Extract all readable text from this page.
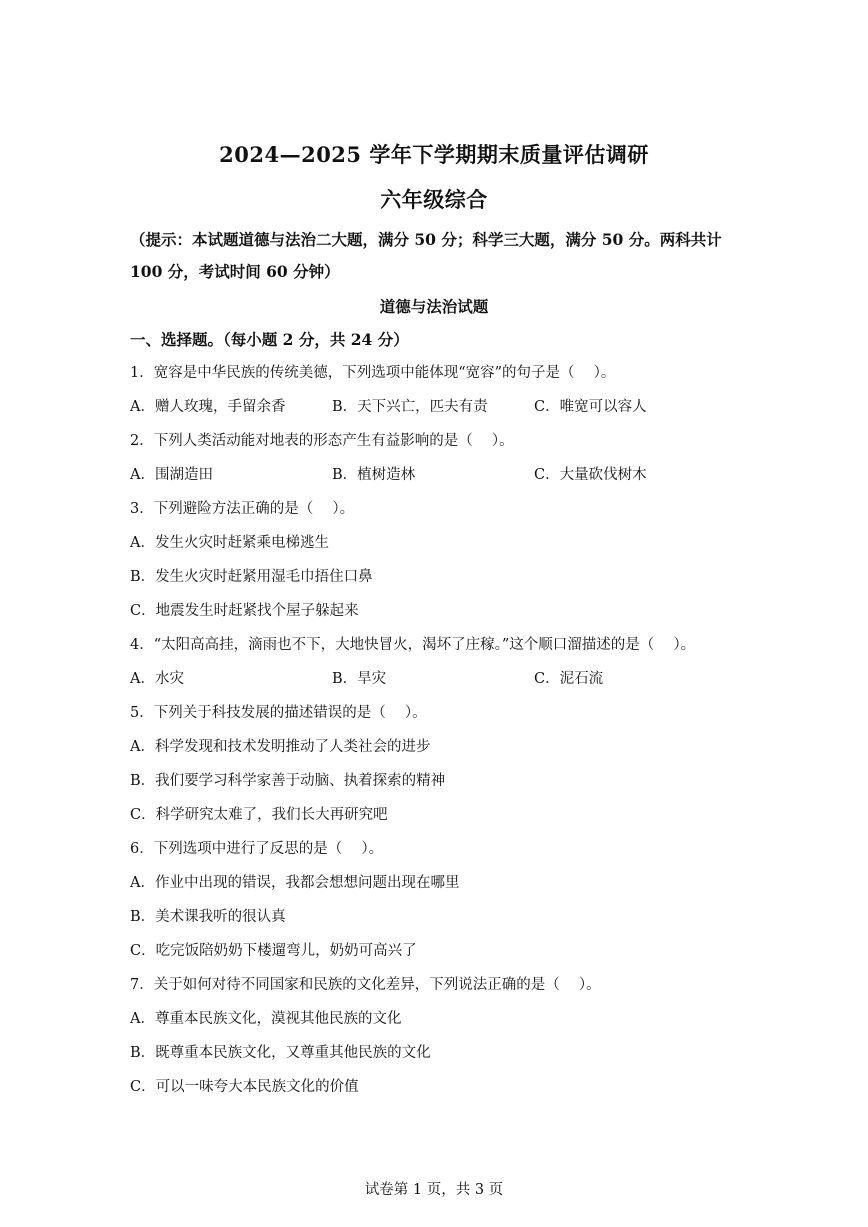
2024—2025 学年下学期期末质量评估调研
六年级综合
（提示：本试题道德与法治二大题，满分 50 分；科学三大题，满分 50 分。两科共计 100 分，考试时间 60 分钟）
道德与法治试题
一、选择题。（每小题 2 分，共 24 分）
1．宽容是中华民族的传统美德，下列选项中能体现“宽容”的句子是（　 ）。
A．赠人玫瑰，手留余香	B．天下兴亡，匹夫有责	C．唯宽可以容人
2．下列人类活动能对地表的形态产生有益影响的是（　 ）。
A．围湖造田	B．植树造林	C．大量砍伐树木
3．下列避险方法正确的是（　 ）。
A．发生火灾时赶紧乘电梯逃生
B．发生火灾时赶紧用湿毛巾捂住口鼻
C．地震发生时赶紧找个屋子躲起来
4．“太阳高高挂，滴雨也不下，大地快冒火，渴坏了庄稼。”这个顺口溜描述的是（　 ）。
A．水灾	B．旱灾	C．泥石流
5．下列关于科技发展的描述错误的是（　 ）。
A．科学发现和技术发明推动了人类社会的进步
B．我们要学习科学家善于动脑、执着探索的精神
C．科学研究太难了，我们长大再研究吧
6．下列选项中进行了反思的是（　 ）。
A．作业中出现的错误，我都会想想问题出现在哪里
B．美术课我听的很认真
C．吃完饭陪奶奶下楼遛弯儿，奶奶可高兴了
7．关于如何对待不同国家和民族的文化差异，下列说法正确的是（　 ）。
A．尊重本民族文化，漠视其他民族的文化
B．既尊重本民族文化，又尊重其他民族的文化
C．可以一味夸大本民族文化的价值
试卷第 1 页，共 3 页
